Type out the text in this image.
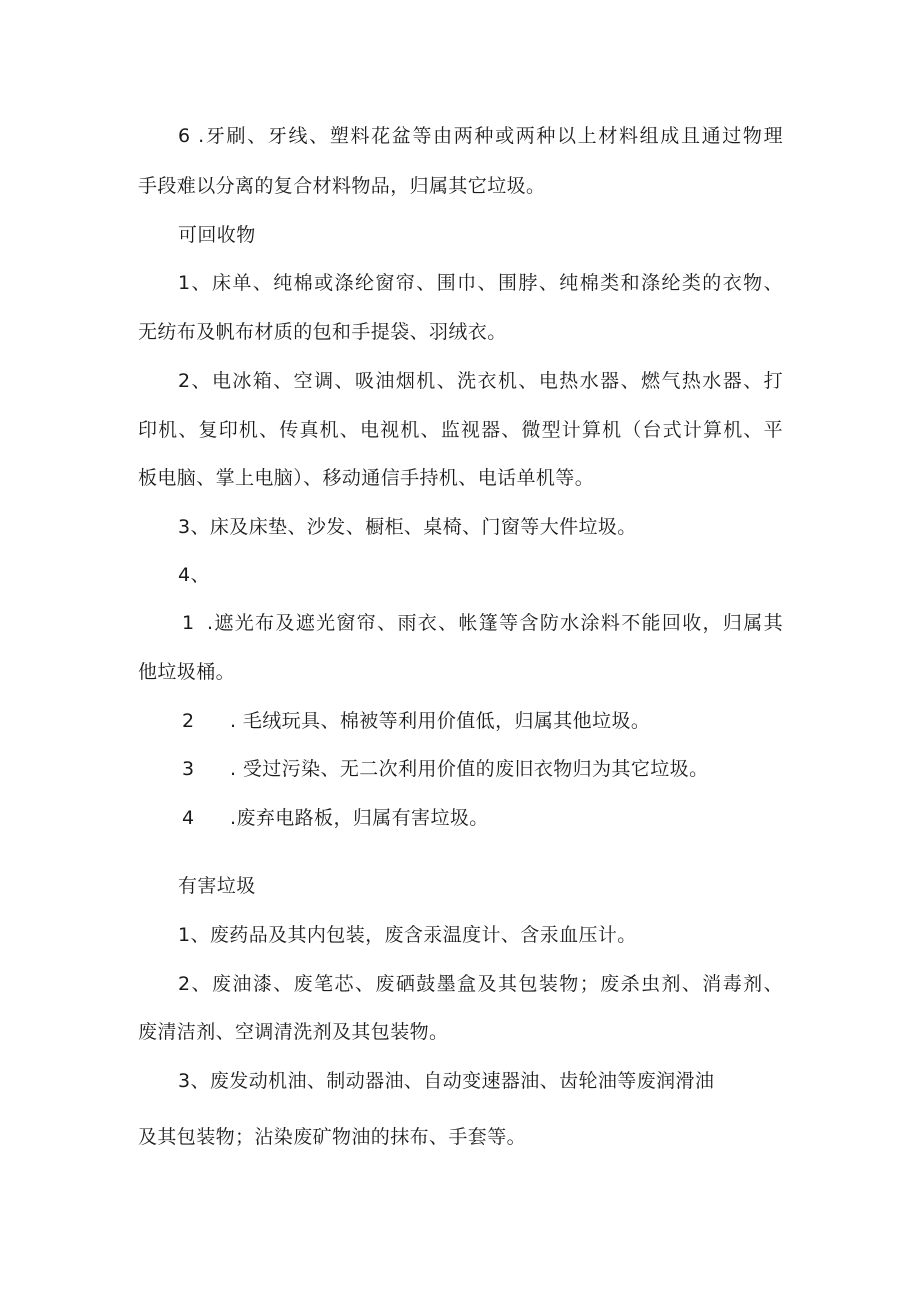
6 .牙刷、牙线、塑料花盆等由两种或两种以上材料组成且通过物理
手段难以分离的复合材料物品，归属其它垃圾。
可回收物
1、床单、纯棉或涤纶窗帘、围巾、围脖、纯棉类和涤纶类的衣物、
无纺布及帆布材质的包和手提袋、羽绒衣。
2、电冰箱、空调、吸油烟机、洗衣机、电热水器、燃气热水器、打
印机、复印机、传真机、电视机、监视器、微型计算机（台式计算机、平
板电脑、掌上电脑）、移动通信手持机、电话单机等。
3、床及床垫、沙发、橱柜、桌椅、门窗等大件垃圾。
4、
1 .遮光布及遮光窗帘、雨衣、帐篷等含防水涂料不能回收，归属其
他垃圾桶。
2 . 毛绒玩具、棉被等利用价值低，归属其他垃圾。
3 . 受过污染、无二次利用价值的废旧衣物归为其它垃圾。
4 .废弃电路板，归属有害垃圾。
有害垃圾
1、废药品及其内包装，废含汞温度计、含汞血压计。
2、废油漆、废笔芯、废硒鼓墨盒及其包装物；废杀虫剂、消毒剂、
废清洁剂、空调清洗剂及其包装物。
3、废发动机油、制动器油、自动变速器油、齿轮油等废润滑油
及其包装物；沾染废矿物油的抹布、手套等。
